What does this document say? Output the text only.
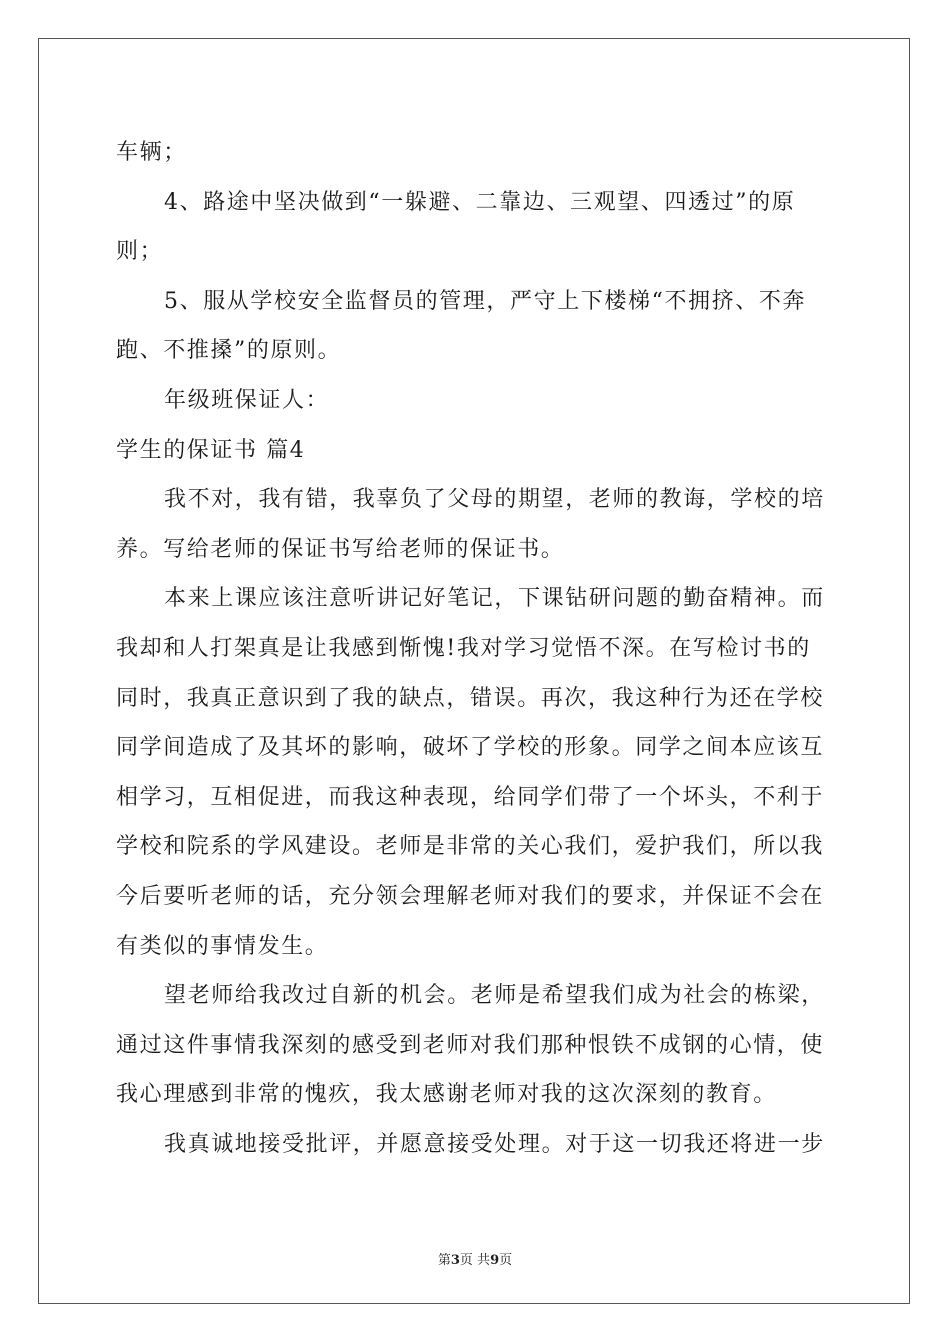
车辆；
4、路途中坚决做到“一躲避、二靠边、三观望、四透过”的原
则；
5、服从学校安全监督员的管理，严守上下楼梯“不拥挤、不奔
跑、不推搡”的原则。
年级班保证人：
学生的保证书 篇4
我不对，我有错，我辜负了父母的期望，老师的教诲，学校的培
养。写给老师的保证书写给老师的保证书。
本来上课应该注意听讲记好笔记，下课钻研问题的勤奋精神。而
我却和人打架真是让我感到惭愧!我对学习觉悟不深。在写检讨书的
同时，我真正意识到了我的缺点，错误。再次，我这种行为还在学校
同学间造成了及其坏的影响，破坏了学校的形象。同学之间本应该互
相学习，互相促进，而我这种表现，给同学们带了一个坏头，不利于
学校和院系的学风建设。老师是非常的关心我们，爱护我们，所以我
今后要听老师的话，充分领会理解老师对我们的要求，并保证不会在
有类似的事情发生。
望老师给我改过自新的机会。老师是希望我们成为社会的栋梁，
通过这件事情我深刻的感受到老师对我们那种恨铁不成钢的心情，使
我心理感到非常的愧疚，我太感谢老师对我的这次深刻的教育。
我真诚地接受批评，并愿意接受处理。对于这一切我还将进一步
第3页 共9页
